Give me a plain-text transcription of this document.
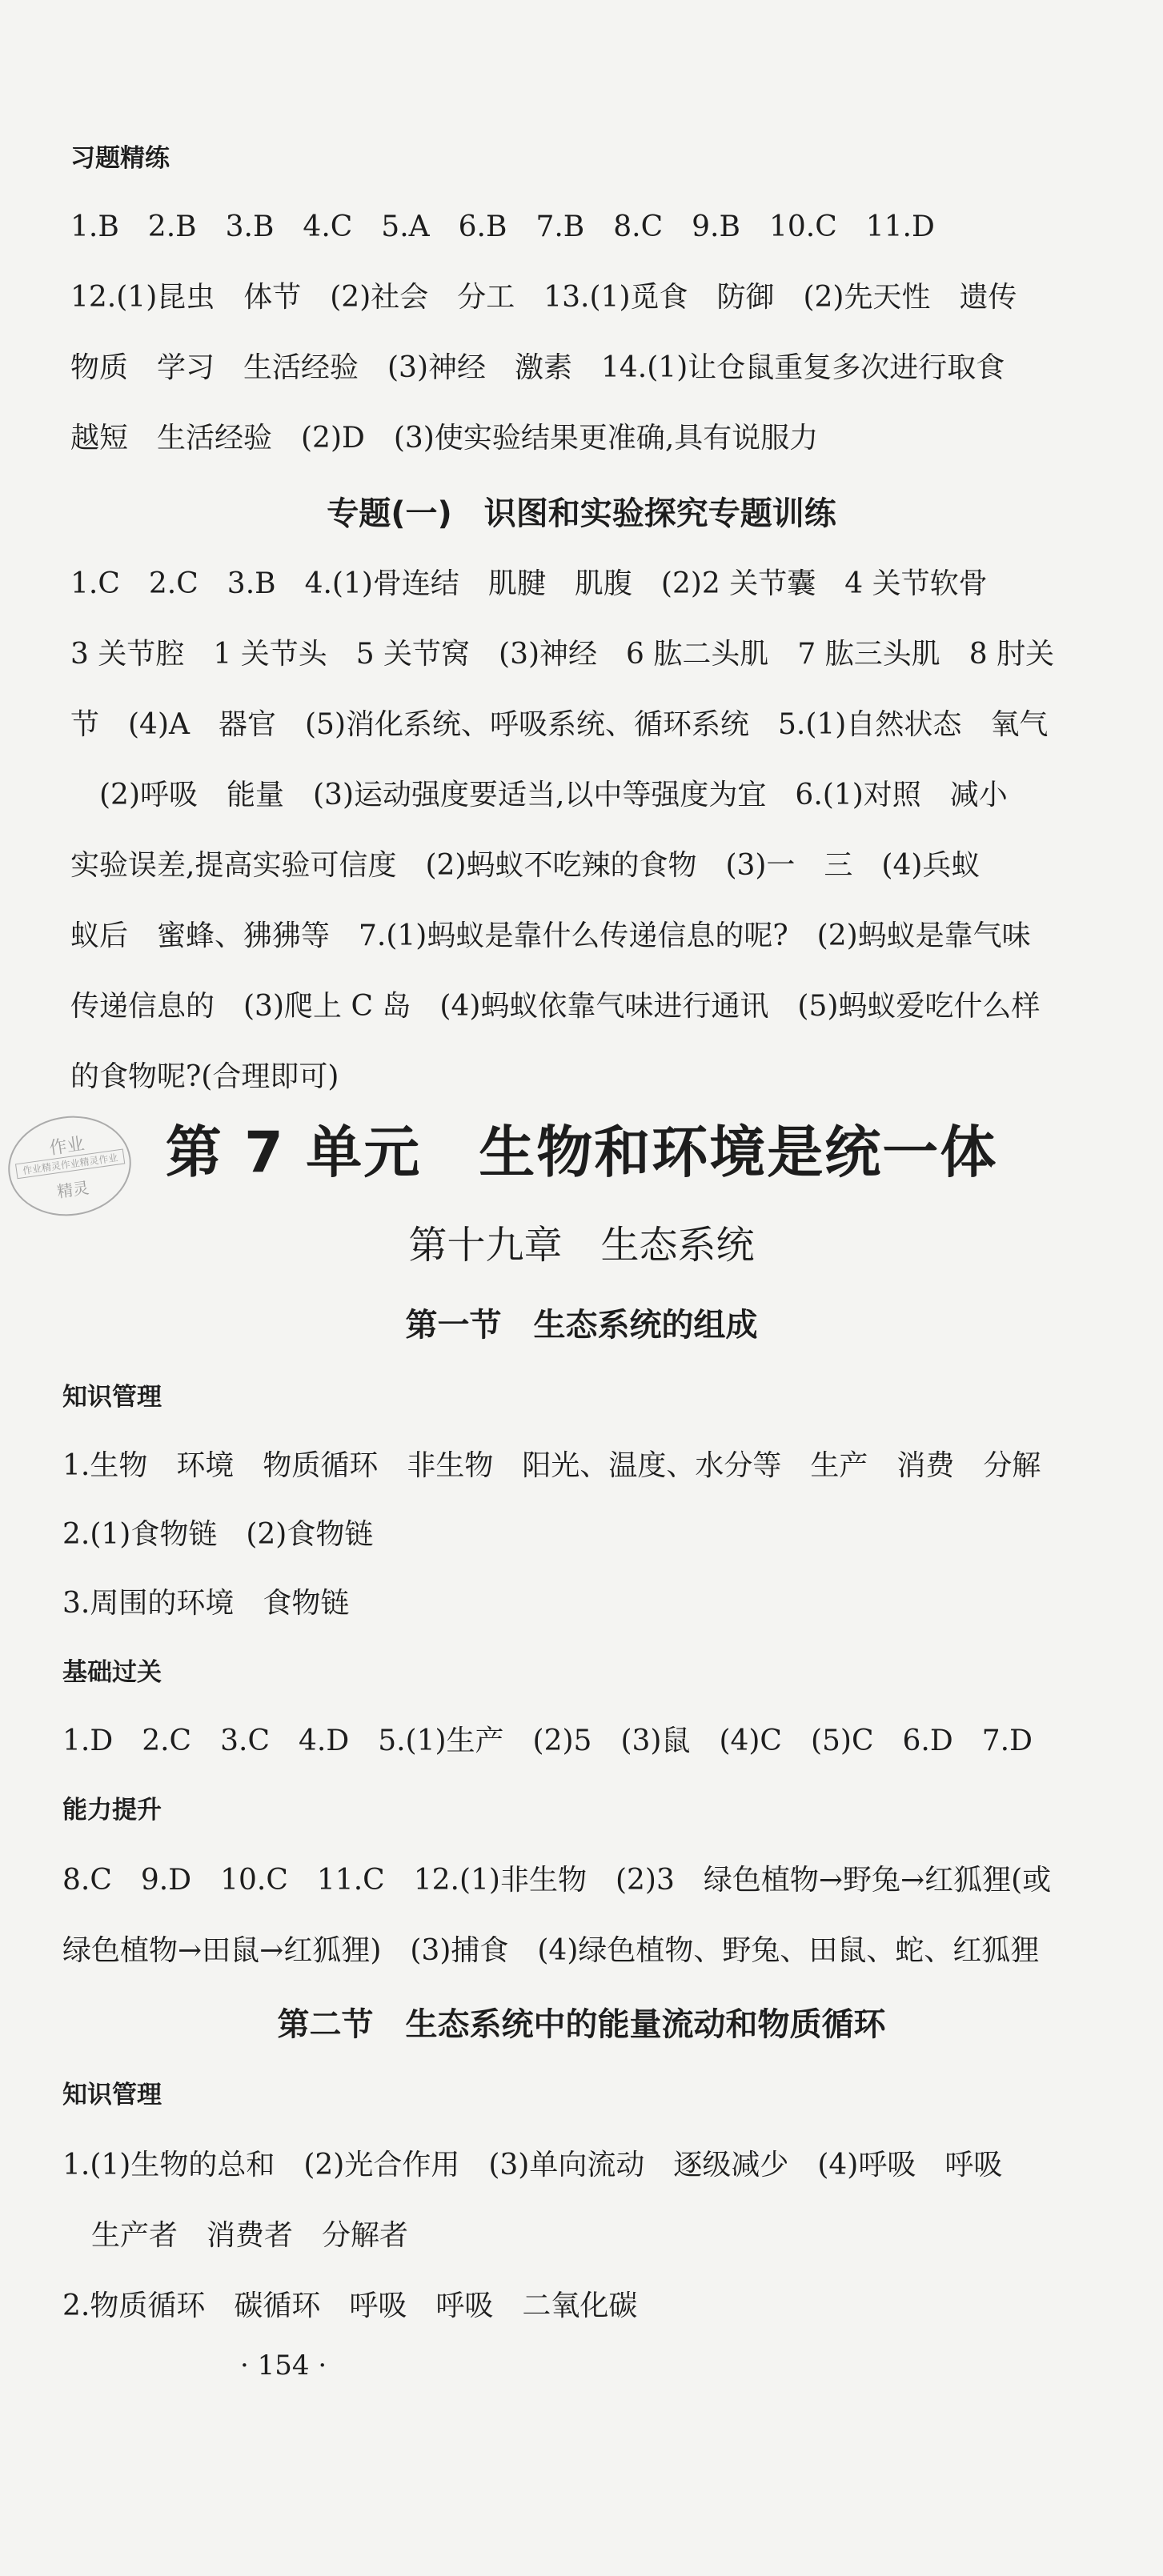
习题精练
1.B　2.B　3.B　4.C　5.A　6.B　7.B　8.C　9.B　10.C　11.D
12.(1)昆虫　体节　(2)社会　分工　13.(1)觅食　防御　(2)先天性　遗传
物质　学习　生活经验　(3)神经　激素　14.(1)让仓鼠重复多次进行取食
越短　生活经验　(2)D　(3)使实验结果更准确,具有说服力
专题(一)　识图和实验探究专题训练
1.C　2.C　3.B　4.(1)骨连结　肌腱　肌腹　(2)2 关节囊　4 关节软骨
3 关节腔　1 关节头　5 关节窝　(3)神经　6 肱二头肌　7 肱三头肌　8 肘关
节　(4)A　器官　(5)消化系统、呼吸系统、循环系统　5.(1)自然状态　氧气
　(2)呼吸　能量　(3)运动强度要适当,以中等强度为宜　6.(1)对照　减小
实验误差,提高实验可信度　(2)蚂蚁不吃辣的食物　(3)一　三　(4)兵蚁
蚁后　蜜蜂、狒狒等　7.(1)蚂蚁是靠什么传递信息的呢?　(2)蚂蚁是靠气味
传递信息的　(3)爬上 C 岛　(4)蚂蚁依靠气味进行通讯　(5)蚂蚁爱吃什么样
的食物呢?(合理即可)
作业
作业精灵作业精灵作业
精灵
第 7 单元　生物和环境是统一体
第十九章　生态系统
第一节　生态系统的组成
知识管理
1.生物　环境　物质循环　非生物　阳光、温度、水分等　生产　消费　分解
2.(1)食物链　(2)食物链
3.周围的环境　食物链
基础过关
1.D　2.C　3.C　4.D　5.(1)生产　(2)5　(3)鼠　(4)C　(5)C　6.D　7.D
能力提升
8.C　9.D　10.C　11.C　12.(1)非生物　(2)3　绿色植物→野兔→红狐狸(或
绿色植物→田鼠→红狐狸)　(3)捕食　(4)绿色植物、野兔、田鼠、蛇、红狐狸
第二节　生态系统中的能量流动和物质循环
知识管理
1.(1)生物的总和　(2)光合作用　(3)单向流动　逐级减少　(4)呼吸　呼吸
　生产者　消费者　分解者
2.物质循环　碳循环　呼吸　呼吸　二氧化碳
· 154 ·
